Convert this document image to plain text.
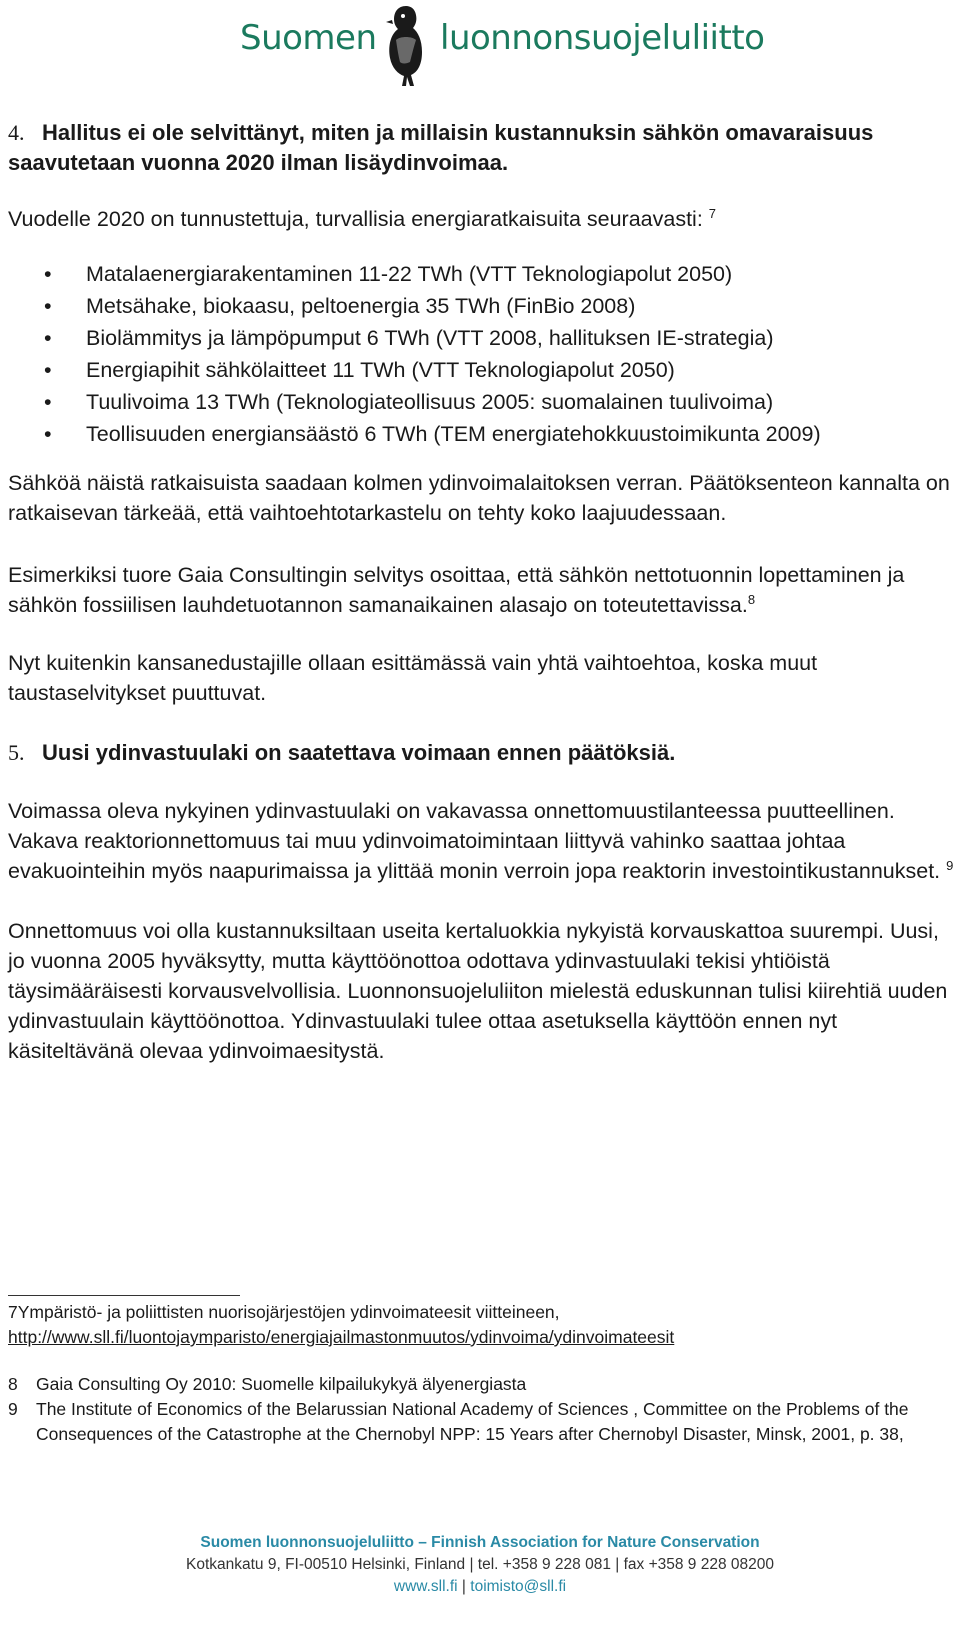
Suomen luonnonsuojeluliitto

4. Hallitus ei ole selvittänyt, miten ja millaisin kustannuksin sähkön omavaraisuus saavutetaan vuonna 2020 ilman lisäydinvoimaa.

Vuodelle 2020 on tunnustettuja, turvallisia energiaratkaisuita seuraavasti: $^7$

• Matalaenergiarakentaminen 11-22 TWh (VTT Teknologiapolut 2050)
• Metsähake, biokaasu, peltoenergia 35 TWh (FinBio 2008)
• Biolämmitys ja lämpöpumput 6 TWh (VTT 2008, hallituksen IE-strategia)
• Energiapihit sähkölaitteet 11 TWh (VTT Teknologiapolut 2050)
• Tuulivoima 13 TWh (Teknologiateollisuus 2005: suomalainen tuulivoima)
• Teollisuuden energiansäästö 6 TWh (TEM energiatehokkuustoimikunta 2009)

Sähköä näistä ratkaisuista saadaan kolmen ydinvoimalaitoksen verran. Päätöksenteon kannalta on ratkaisevan tärkeää, että vaihtoehtotarkastelu on tehty koko laajuudessaan.

Esimerkiksi tuore Gaia Consultingin selvitys osoittaa, että sähkön nettotuonnin lopettaminen ja sähkön fossiilisen lauhdetuotannon samanaikainen alasajo on toteutettavissa.$^8$

Nyt kuitenkin kansanedustajille ollaan esittämässä vain yhtä vaihtoehtoa, koska muut taustaselvitykset puuttuvat.

5. Uusi ydinvastuulaki on saatettava voimaan ennen päätöksiä.

Voimassa oleva nykyinen ydinvastuulaki on vakavassa onnettomuustilanteessa puutteellinen. Vakava reaktorionnettomuus tai muu ydinvoimatoimintaan liittyvä vahinko saattaa johtaa evakuointeihin myös naapurimaissa ja ylittää monin verroin jopa reaktorin investointikustannukset. $^9$

Onnettomuus voi olla kustannuksiltaan useita kertaluokkia nykyistä korvauskattoa suurempi. Uusi, jo vuonna 2005 hyväksytty, mutta käyttöönottoa odottava ydinvastuulaki tekisi yhtiöistä täysimääräisesti korvausvelvollisia. Luonnonsuojeluliiton mielestä eduskunnan tulisi kiirehtiä uuden ydinvastuulain käyttöönottoa. Ydinvastuulaki tulee ottaa asetuksella käyttöön ennen nyt käsiteltävänä olevaa ydinvoimaesitystä.

7Ympäristö- ja poliittisten nuorisojärjestöjen ydinvoimateesit viitteineen,
http://www.sll.fi/luontojaymparisto/energiajailmastonmuutos/ydinvoima/ydinvoimateesit

8 Gaia Consulting Oy 2010: Suomelle kilpailukykyä älyenergiasta

9 The Institute of Economics of the Belarussian National Academy of Sciences , Committee on the Problems of the Consequences of the Catastrophe at the Chernobyl NPP: 15 Years after Chernobyl Disaster, Minsk, 2001, p. 38,

Suomen luonnonsuojeluliitto – Finnish Association for Nature Conservation
Kotkankatu 9, FI-00510 Helsinki, Finland | tel. +358 9 228 081 | fax +358 9 228 08200
www.sll.fi | toimisto@sll.fi
